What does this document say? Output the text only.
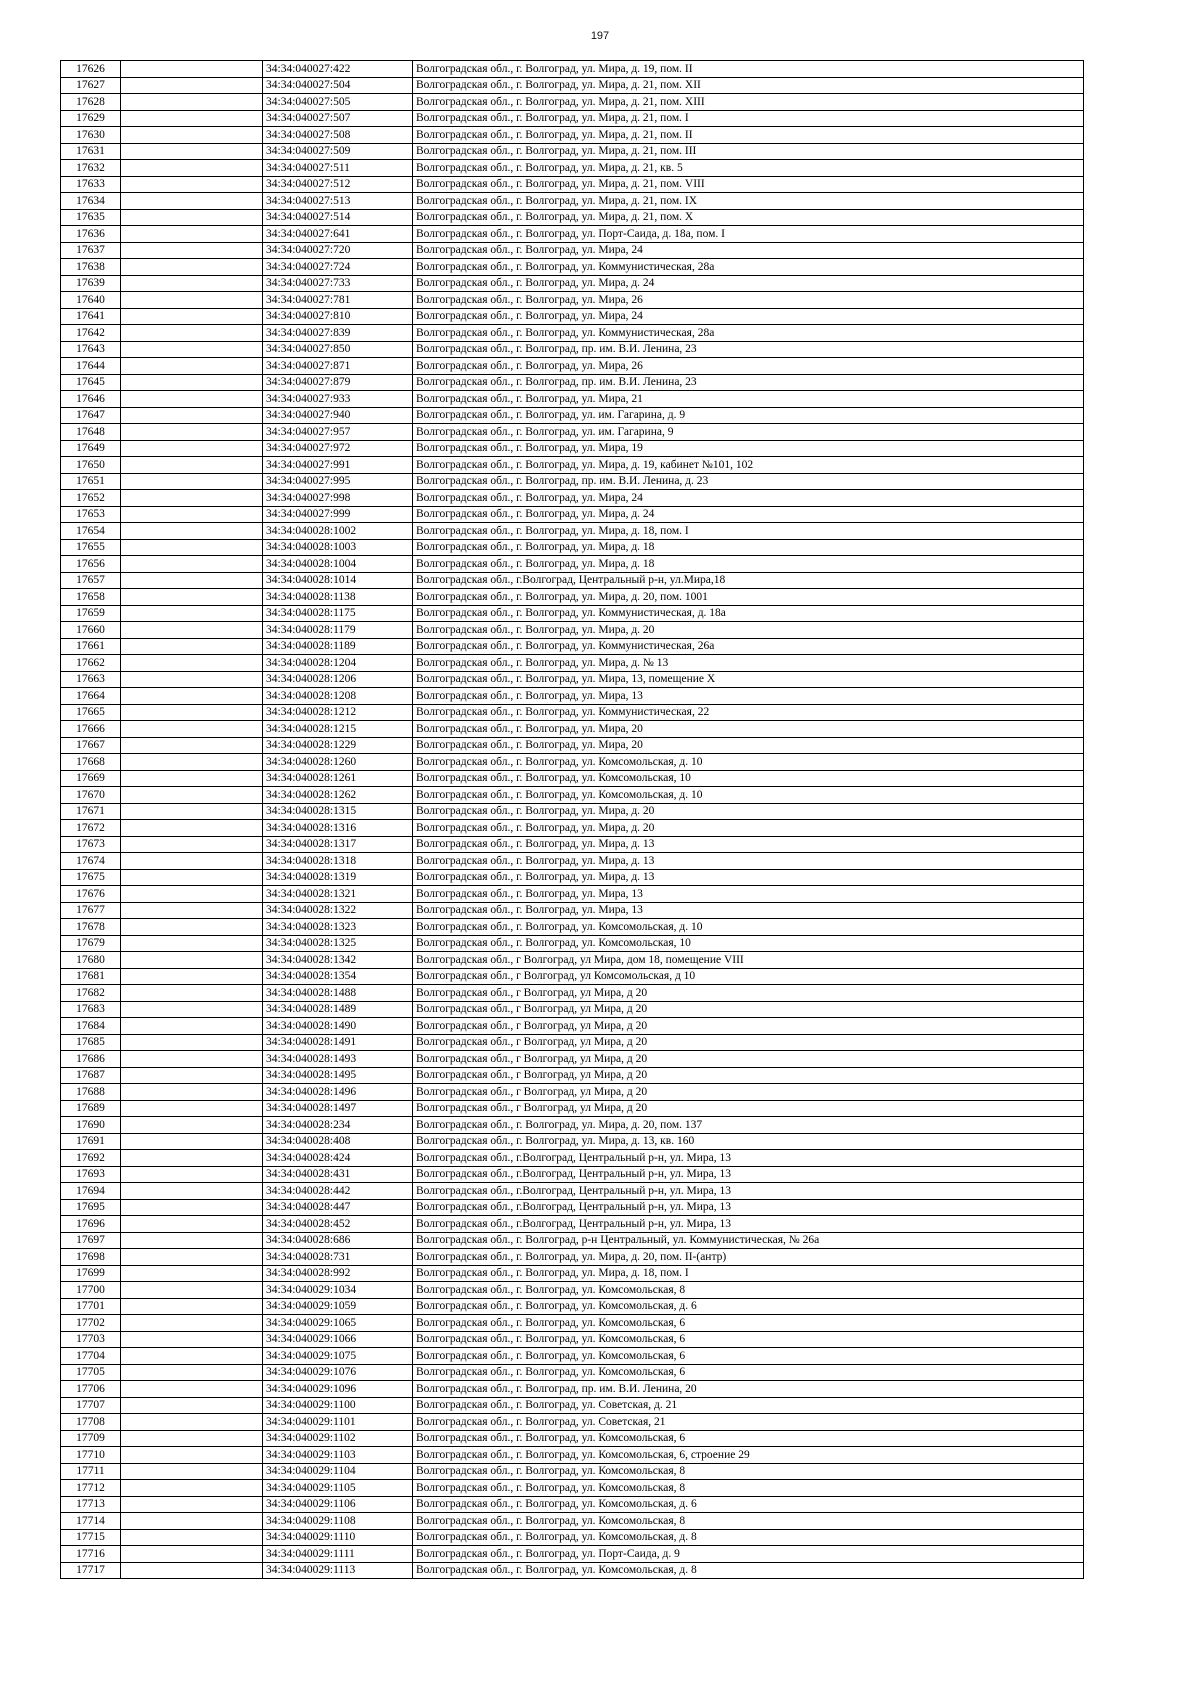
197
17626		34:34:040027:422	Волгоградская обл., г. Волгоград, ул. Мира, д. 19, пом. II
17627		34:34:040027:504	Волгоградская обл., г. Волгоград, ул. Мира, д. 21, пом. XII
17628		34:34:040027:505	Волгоградская обл., г. Волгоград, ул. Мира, д. 21, пом. XIII
17629		34:34:040027:507	Волгоградская обл., г. Волгоград, ул. Мира, д. 21, пом. I
17630		34:34:040027:508	Волгоградская обл., г. Волгоград, ул. Мира, д. 21, пом. II
17631		34:34:040027:509	Волгоградская обл., г. Волгоград, ул. Мира, д. 21, пом. III
17632		34:34:040027:511	Волгоградская обл., г. Волгоград, ул. Мира, д. 21, кв. 5
17633		34:34:040027:512	Волгоградская обл., г. Волгоград, ул. Мира, д. 21, пом. VIII
17634		34:34:040027:513	Волгоградская обл., г. Волгоград, ул. Мира, д. 21, пом. IX
17635		34:34:040027:514	Волгоградская обл., г. Волгоград, ул. Мира, д. 21, пом. X
17636		34:34:040027:641	Волгоградская обл., г. Волгоград, ул. Порт-Саида, д. 18а, пом. I
17637		34:34:040027:720	Волгоградская обл., г. Волгоград, ул. Мира, 24
17638		34:34:040027:724	Волгоградская обл., г. Волгоград, ул. Коммунистическая, 28а
17639		34:34:040027:733	Волгоградская обл., г. Волгоград, ул. Мира, д. 24
17640		34:34:040027:781	Волгоградская обл., г. Волгоград, ул. Мира, 26
17641		34:34:040027:810	Волгоградская обл., г. Волгоград, ул. Мира, 24
17642		34:34:040027:839	Волгоградская обл., г. Волгоград, ул. Коммунистическая, 28а
17643		34:34:040027:850	Волгоградская обл., г. Волгоград, пр. им. В.И. Ленина, 23
17644		34:34:040027:871	Волгоградская обл., г. Волгоград, ул. Мира, 26
17645		34:34:040027:879	Волгоградская обл., г. Волгоград, пр. им. В.И. Ленина, 23
17646		34:34:040027:933	Волгоградская обл., г. Волгоград, ул. Мира, 21
17647		34:34:040027:940	Волгоградская обл., г. Волгоград, ул. им. Гагарина, д. 9
17648		34:34:040027:957	Волгоградская обл., г. Волгоград, ул. им. Гагарина, 9
17649		34:34:040027:972	Волгоградская обл., г. Волгоград, ул. Мира, 19
17650		34:34:040027:991	Волгоградская обл., г. Волгоград, ул. Мира, д. 19, кабинет №101, 102
17651		34:34:040027:995	Волгоградская обл., г. Волгоград, пр. им. В.И. Ленина, д. 23
17652		34:34:040027:998	Волгоградская обл., г. Волгоград, ул. Мира, 24
17653		34:34:040027:999	Волгоградская обл., г. Волгоград, ул. Мира, д. 24
17654		34:34:040028:1002	Волгоградская обл., г. Волгоград, ул. Мира, д. 18, пом. I
17655		34:34:040028:1003	Волгоградская обл., г. Волгоград, ул. Мира, д. 18
17656		34:34:040028:1004	Волгоградская обл., г. Волгоград, ул. Мира, д. 18
17657		34:34:040028:1014	Волгоградская обл., г.Волгоград, Центральный р-н, ул.Мира,18
17658		34:34:040028:1138	Волгоградская обл., г. Волгоград, ул. Мира, д. 20, пом. 1001
17659		34:34:040028:1175	Волгоградская обл., г. Волгоград, ул. Коммунистическая, д. 18а
17660		34:34:040028:1179	Волгоградская обл., г. Волгоград, ул. Мира, д. 20
17661		34:34:040028:1189	Волгоградская обл., г. Волгоград, ул. Коммунистическая, 26а
17662		34:34:040028:1204	Волгоградская обл., г. Волгоград, ул. Мира, д. № 13
17663		34:34:040028:1206	Волгоградская обл., г. Волгоград, ул. Мира, 13, помещение X
17664		34:34:040028:1208	Волгоградская обл., г. Волгоград, ул. Мира, 13
17665		34:34:040028:1212	Волгоградская обл., г. Волгоград, ул. Коммунистическая, 22
17666		34:34:040028:1215	Волгоградская обл., г. Волгоград, ул. Мира, 20
17667		34:34:040028:1229	Волгоградская обл., г. Волгоград, ул. Мира, 20
17668		34:34:040028:1260	Волгоградская обл., г. Волгоград, ул. Комсомольская, д. 10
17669		34:34:040028:1261	Волгоградская обл., г. Волгоград, ул. Комсомольская, 10
17670		34:34:040028:1262	Волгоградская обл., г. Волгоград, ул. Комсомольская, д. 10
17671		34:34:040028:1315	Волгоградская обл., г. Волгоград, ул. Мира, д. 20
17672		34:34:040028:1316	Волгоградская обл., г. Волгоград, ул. Мира, д. 20
17673		34:34:040028:1317	Волгоградская обл., г. Волгоград, ул. Мира, д. 13
17674		34:34:040028:1318	Волгоградская обл., г. Волгоград, ул. Мира, д. 13
17675		34:34:040028:1319	Волгоградская обл., г. Волгоград, ул. Мира, д. 13
17676		34:34:040028:1321	Волгоградская обл., г. Волгоград, ул. Мира, 13
17677		34:34:040028:1322	Волгоградская обл., г. Волгоград, ул. Мира, 13
17678		34:34:040028:1323	Волгоградская обл., г. Волгоград, ул. Комсомольская, д. 10
17679		34:34:040028:1325	Волгоградская обл., г. Волгоград, ул. Комсомольская, 10
17680		34:34:040028:1342	Волгоградская обл., г Волгоград, ул Мира, дом 18, помещение VIII
17681		34:34:040028:1354	Волгоградская обл., г Волгоград, ул Комсомольская, д 10
17682		34:34:040028:1488	Волгоградская обл., г Волгоград, ул Мира, д 20
17683		34:34:040028:1489	Волгоградская обл., г Волгоград, ул Мира, д 20
17684		34:34:040028:1490	Волгоградская обл., г Волгоград, ул Мира, д 20
17685		34:34:040028:1491	Волгоградская обл., г Волгоград, ул Мира, д 20
17686		34:34:040028:1493	Волгоградская обл., г Волгоград, ул Мира, д 20
17687		34:34:040028:1495	Волгоградская обл., г Волгоград, ул Мира, д 20
17688		34:34:040028:1496	Волгоградская обл., г Волгоград, ул Мира, д 20
17689		34:34:040028:1497	Волгоградская обл., г Волгоград, ул Мира, д 20
17690		34:34:040028:234	Волгоградская обл., г. Волгоград, ул. Мира, д. 20, пом. 137
17691		34:34:040028:408	Волгоградская обл., г. Волгоград, ул. Мира, д. 13, кв. 160
17692		34:34:040028:424	Волгоградская обл., г.Волгоград, Центральный р-н, ул. Мира, 13
17693		34:34:040028:431	Волгоградская обл., г.Волгоград, Центральный р-н, ул. Мира, 13
17694		34:34:040028:442	Волгоградская обл., г.Волгоград, Центральный р-н, ул. Мира, 13
17695		34:34:040028:447	Волгоградская обл., г.Волгоград, Центральный р-н, ул. Мира, 13
17696		34:34:040028:452	Волгоградская обл., г.Волгоград, Центральный р-н, ул. Мира, 13
17697		34:34:040028:686	Волгоградская обл., г. Волгоград, р-н Центральный, ул. Коммунистическая, № 26а
17698		34:34:040028:731	Волгоградская обл., г. Волгоград, ул. Мира, д. 20, пом. II-(антр)
17699		34:34:040028:992	Волгоградская обл., г. Волгоград, ул. Мира, д. 18, пом. I
17700		34:34:040029:1034	Волгоградская обл., г. Волгоград, ул. Комсомольская, 8
17701		34:34:040029:1059	Волгоградская обл., г. Волгоград, ул. Комсомольская, д. 6
17702		34:34:040029:1065	Волгоградская обл., г. Волгоград, ул. Комсомольская, 6
17703		34:34:040029:1066	Волгоградская обл., г. Волгоград, ул. Комсомольская, 6
17704		34:34:040029:1075	Волгоградская обл., г. Волгоград, ул. Комсомольская, 6
17705		34:34:040029:1076	Волгоградская обл., г. Волгоград, ул. Комсомольская, 6
17706		34:34:040029:1096	Волгоградская обл., г. Волгоград, пр. им. В.И. Ленина, 20
17707		34:34:040029:1100	Волгоградская обл., г. Волгоград, ул. Советская, д. 21
17708		34:34:040029:1101	Волгоградская обл., г. Волгоград, ул. Советская, 21
17709		34:34:040029:1102	Волгоградская обл., г. Волгоград, ул. Комсомольская, 6
17710		34:34:040029:1103	Волгоградская обл., г. Волгоград, ул. Комсомольская, 6, строение 29
17711		34:34:040029:1104	Волгоградская обл., г. Волгоград, ул. Комсомольская, 8
17712		34:34:040029:1105	Волгоградская обл., г. Волгоград, ул. Комсомольская, 8
17713		34:34:040029:1106	Волгоградская обл., г. Волгоград, ул. Комсомольская, д. 6
17714		34:34:040029:1108	Волгоградская обл., г. Волгоград, ул. Комсомольская, 8
17715		34:34:040029:1110	Волгоградская обл., г. Волгоград, ул. Комсомольская, д. 8
17716		34:34:040029:1111	Волгоградская обл., г. Волгоград, ул. Порт-Саида, д. 9
17717		34:34:040029:1113	Волгоградская обл., г. Волгоград, ул. Комсомольская, д. 8
